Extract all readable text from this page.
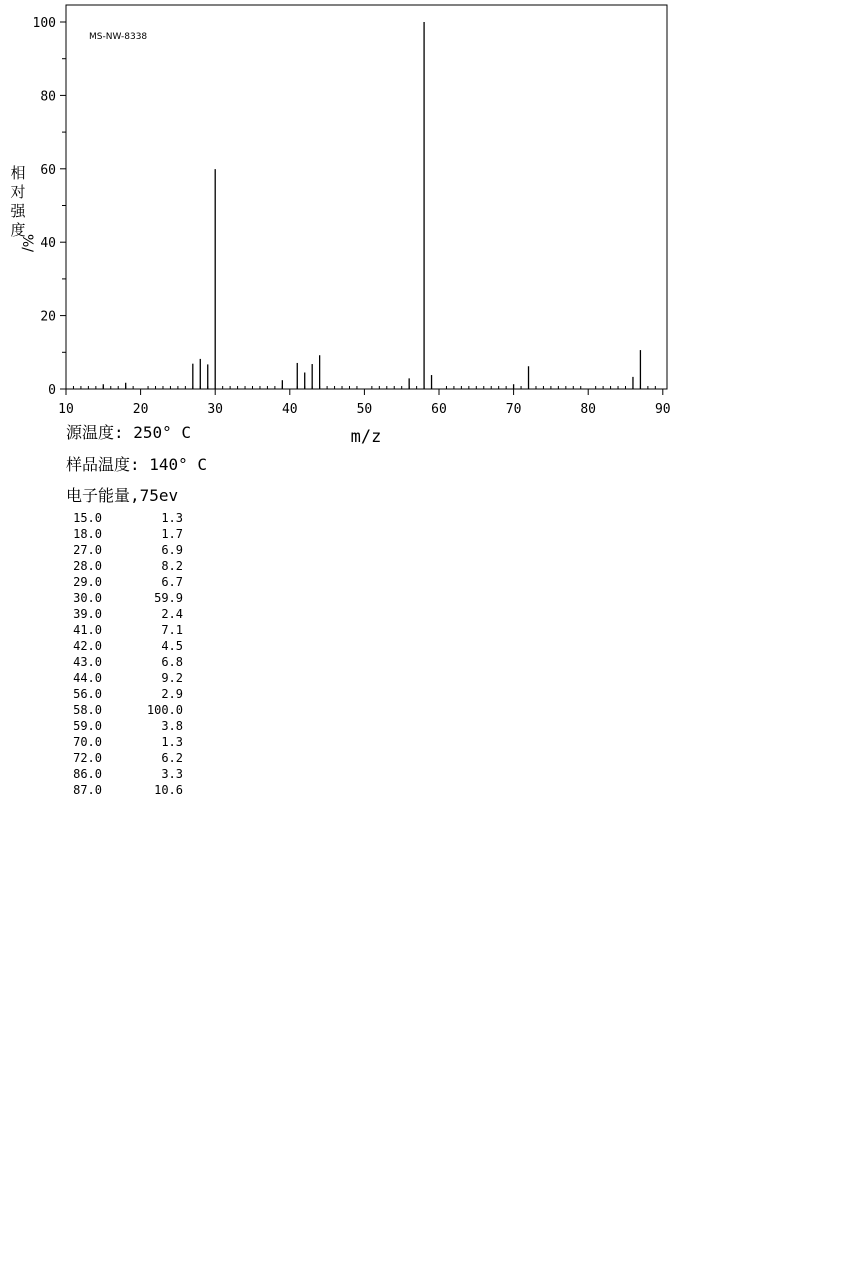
10	20	30	40	50	60	70	80	90
0
20
40
60
80
100
MS-NW-8338
m/z
相
对
强
度
%/
源温度: 250° C
样品温度: 140° C
电子能量,75ev
15.0	1.3
18.0	1.7
27.0	6.9
28.0	8.2
29.0	6.7
30.0	59.9
39.0	2.4
41.0	7.1
42.0	4.5
43.0	6.8
44.0	9.2
56.0	2.9
58.0	100.0
59.0	3.8
70.0	1.3
72.0	6.2
86.0	3.3
87.0	10.6
